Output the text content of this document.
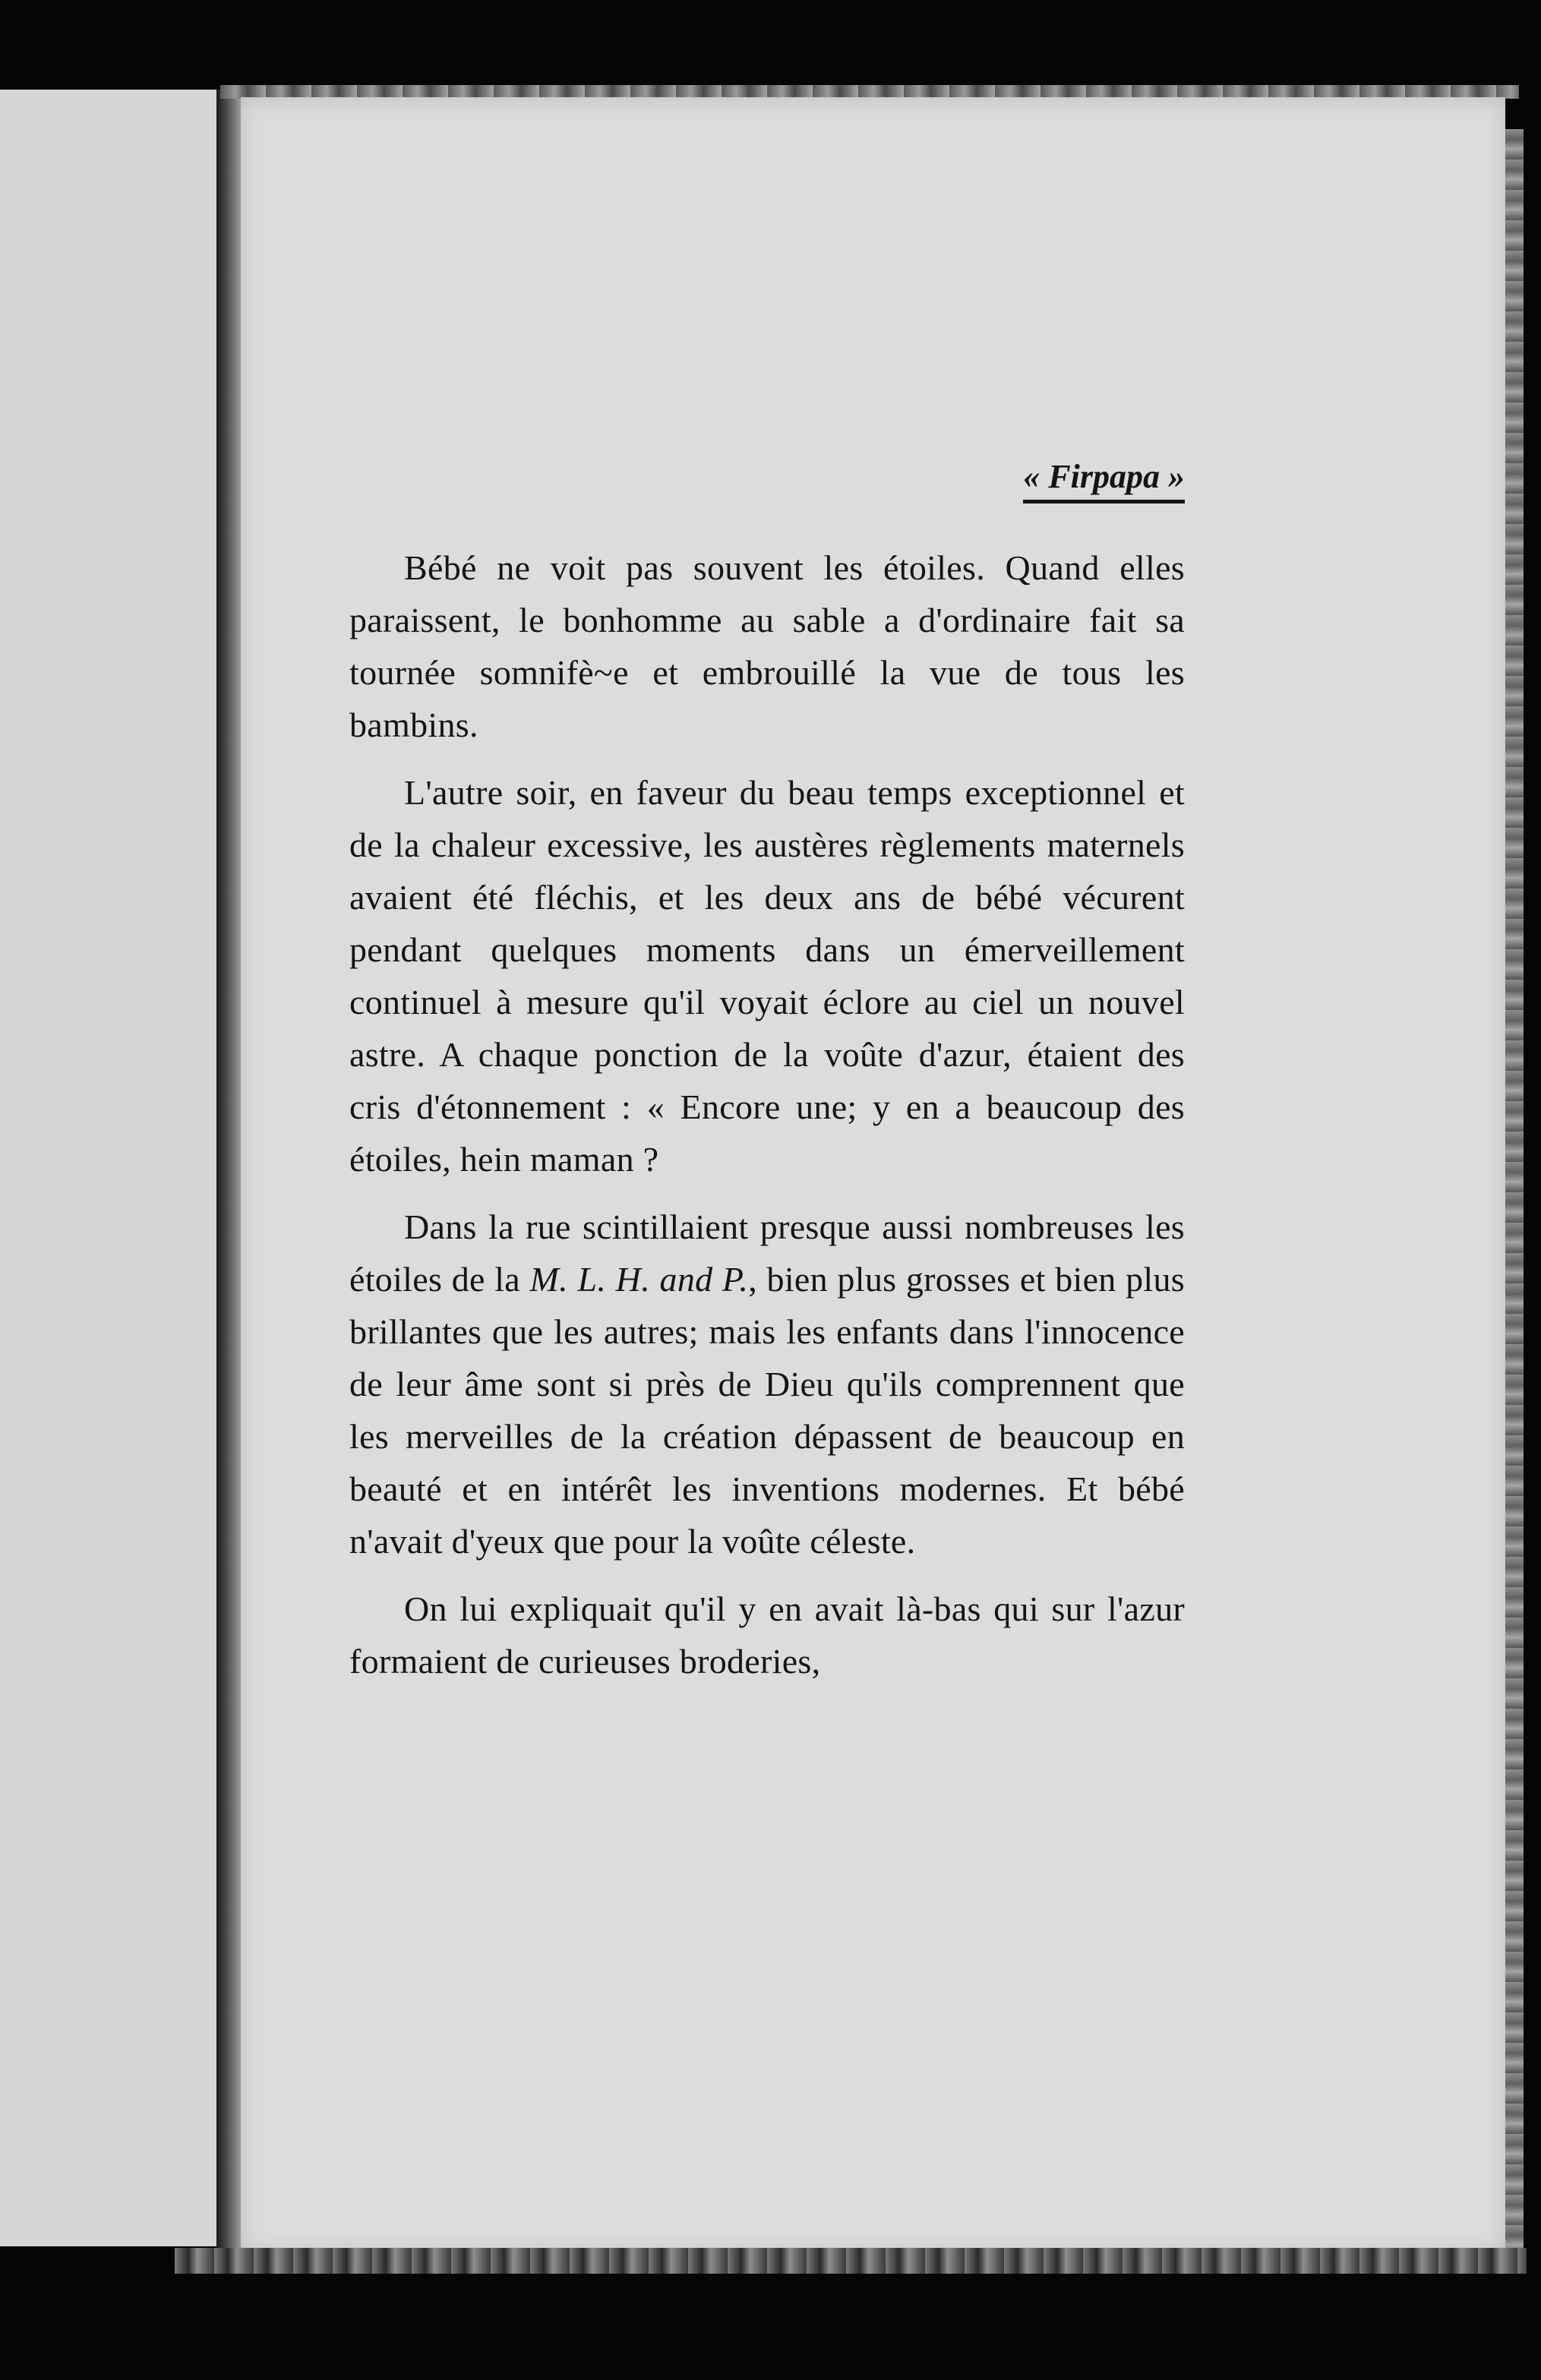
« Firpapa »

Bébé ne voit pas souvent les étoiles. Quand elles paraissent, le bonhomme au sable a d'ordinaire fait sa tournée somnifè~e et embrouillé la vue de tous les bambins.

L'autre soir, en faveur du beau temps exceptionnel et de la chaleur excessive, les austères règlements maternels avaient été fléchis, et les deux ans de bébé vécurent pendant quelques moments dans un émerveillement continuel à mesure qu'il voyait éclore au ciel un nouvel astre. A chaque ponction de la voûte d'azur, étaient des cris d'étonnement : « Encore une; y en a beaucoup des étoiles, hein maman ?

Dans la rue scintillaient presque aussi nombreuses les étoiles de la M. L. H. and P., bien plus grosses et bien plus brillantes que les autres; mais les enfants dans l'innocence de leur âme sont si près de Dieu qu'ils comprennent que les merveilles de la création dépassent de beaucoup en beauté et en intérêt les inventions modernes. Et bébé n'avait d'yeux que pour la voûte céleste.

On lui expliquait qu'il y en avait là-bas qui sur l'azur formaient de curieuses broderies,
